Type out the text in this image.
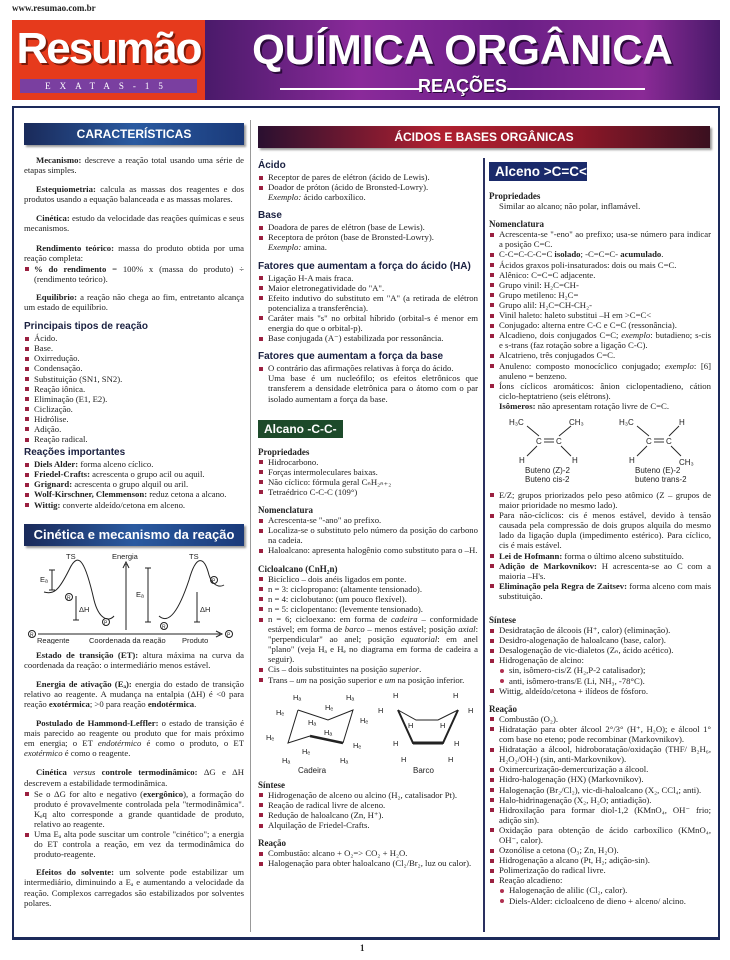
www.resumao.com.br
Resumão
EXATAS-15
QUÍMICA ORGÂNICA
REAÇÕES
ÁCIDOS E BASES ORGÂNICAS
CARACTERÍSTICAS
Mecanismo: descreve a reação total usando uma série de etapas simples.
Estequiometria: calcula as massas dos reagentes e dos produtos usando a equação balanceada e as massas molares.
Cinética: estudo da velocidade das reações químicas e seus mecanismos.
Rendimento teórico: massa do produto obtida por uma reação completa:
% do rendimento = 100% x (massa do produto) ÷ (rendimento teórico).
Equilíbrio: a reação não chega ao fim, entretanto alcança um estado de equilíbrio.
Principais tipos de reação
Ácido.
Base.
Oxirredução.
Condensação.
Substituição (SN1, SN2).
Reação iônica.
Eliminação (E1, E2).
Ciclização.
Hidrólise.
Adição.
Reação radical.
Reações importantes
Diels Alder: forma alceno cíclico.
Friedel-Crafts: acrescenta o grupo acil ou aquil.
Grignard: acrescenta o grupo alquil ou aril.
Wolf-Kirschner, Clemmenson: reduz cetona a alcano.
Wittig: converte aldeído/cetona em alceno.
Cinética e mecanismo da reação
TS	Energia	TS
Eₐ
Eₐ
ΔH	ΔH
R
P
R
P
R	P
Reagente	Coordenada da reação Produto
Estado de transição (ET): altura máxima na curva da coordenada da reação: o intermediário menos estável.
Energia de ativação (Eₐ): energia do estado de transição relativo ao reagente. A mudança na entalpia (ΔH) é <0 para reação exotérmica; >0 para reação endotérmica.
Postulado de Hammond-Leffler: o estado de transição é mais parecido ao reagente ou produto que for mais próximo em energia; o ET endotérmico é como o produto, o ET exotérmico é como o reagente.
Cinética versus controle termodinâmico: ΔG e ΔH descrevem a estabilidade termodinâmica.
Se o ΔG for alto e negativo (exergônico), a formação do produto é provavelmente controlada pela "termodinâmica". Kₑq alto corresponde a grande quantidade de produto, relativo ao reagente.
Uma Eₐ alta pode suscitar um controle "cinético"; a energia do ET controla a reação, em vez da termodinâmica do produto-reagente.
Efeitos do solvente: um solvente pode estabilizar um intermediário, diminuindo a Eₐ e aumentando a velocidade da reação. Complexos carregados são estabilizados por solventes polares.
Ácido
Receptor de pares de elétron (ácido de Lewis).
Doador de próton (ácido de Bronsted-Lowry).
Exemplo: ácido carboxílico.
Base
Doadora de pares de elétron (base de Lewis).
Receptora de próton (base de Bronsted-Lowry).
Exemplo: amina.
Fatores que aumentam a força do ácido (HA)
Ligação H-A mais fraca.
Maior eletronegatividade do "A".
Efeito indutivo do substituto em "A" (a retirada de elétron potencializa a transferência).
Caráter mais "s" no orbital híbrido (orbital-s é menor em energia do que o orbital-p).
Base conjugada (A⁻) estabilizada por ressonância.
Fatores que aumentam a força da base
O contrário das afirmações relativas à força do ácido.
Uma base é um nucleófilo; os efeitos eletrônicos que transferem a densidade eletrônica para o átomo com o par isolado aumentam a força da base.
Alcano -C-C-
Propriedades
Hidrocarbono.
Forças intermoleculares baixas.
Não cíclico: fórmula geral CₙH₂ₙ₊₂
Tetraédrico C-C-C (109°)
Nomenclatura
Acrescenta-se "-ano" ao prefixo.
Localiza-se o substituto pelo número da posição do carbono na cadeia.
Haloalcano: apresenta halogênio como substituto para o –H.
Cicloalcano (CnH₂n)
Bicíclico – dois anéis ligados em ponte.
n = 3: ciclopropano: (altamente tensionado).
n = 4: ciclobutano: (um pouco flexível).
n = 5: ciclopentano: (levemente tensionado).
n = 6; cicloexano: em forma de cadeira – conformidade estável; em forma de barco – menos estável; posição axial: "perpendicular" ao anel; posição equatorial: em anel "plano" (veja Hₐ e Hₑ no diagrama em forma de cadeira a seguir).
Cis – dois substituintes na posição superior.
Trans – um na posição superior e um na posição inferior.
Hₐ
Hₑ
Hₑ
Hₐ
Hₑ
Hₐ
Hₐ
Hₑ
Hₑ
Hₑ
Hₐ	Hₐ
Cadeira
H
H	H
H
H	H
H	H
H	H
Barco
Síntese
Hidrogenação de alceno ou alcino (H₂, catalisador Pt).
Reação de radical livre de alceno.
Redução de haloalcano (Zn, H⁺).
Alquilação de Friedel-Crafts.
Reação
Combustão: alcano + O₂=> CO₂ + H₂O.
Halogenação para obter haloalcano (Cl₂/Br₂, luz ou calor).
Alceno >C=C<
Propriedades
Similar ao alcano; não polar, inflamável.
Nomenclatura
Acrescenta-se "-eno" ao prefixo; usa-se número para indicar a posição C=C.
C-C=C-C-C=C isolado; -C=C=C- acumulado.
Ácidos graxos poli-insaturados: dois ou mais C=C.
Alênico: C=C=C adjacente.
Grupo vinil: H₂C=CH-
Grupo metileno: H₂C=
Grupo alil: H₂C=CH-CH₂-
Vinil haleto: haleto substitui –H em >C=C<
Conjugado: alterna entre C-C e C=C (ressonância).
Alcadieno, dois conjugados C=C; exemplo: butadieno; s-cis e s-trans (faz rotação sobre a ligação C-C).
Alcatrieno, três conjugados C=C.
Anuleno: composto monocíclico conjugado; exemplo: [6] anuleno = benzeno.
Íons cíclicos aromáticos: ânion ciclopentadieno, cátion ciclo-heptatrieno (seis elétrons).
Isômeros: não apresentam rotação livre de C=C.
H₃C	CH₃
C C
H	H
H₃C	H
C C
H	CH₃
Buteno (Z)-2
Buteno cis-2
Buteno (E)-2
buteno trans-2
E/Z; grupos priorizados pelo peso atômico (Z – grupos de maior prioridade no mesmo lado).
Para não-cíclicos: cis é menos estável, devido à tensão causada pela compressão de dois grupos alquila do mesmo lado da ligação dupla (impedimento estérico). Para cíclico, cis é mais estável.
Lei de Hofmann: forma o último alceno substituído.
Adição de Markovnikov: H acrescenta-se ao C com a maioria –H's.
Eliminação pela Regra de Zaitsev: forma alceno com mais substituição.
Síntese
Desidratação de álcoois (H⁺, calor) (eliminação).
Desidro-alogenação de haloalcano (base, calor).
Desalogenação de vic-dialetos (Zₙ, ácido acético).
Hidrogenação de alcino:
sin, isômero-cis/Z (H₂,P-2 catalisador);
anti, isômero-trans/E (Li, NH₃, -78°C).
Wittig, aldeído/cetona + ilídeos de fósforo.
Reação
Combustão (O₂).
Hidratação para obter álcool 2°/3° (H⁺, H₂O); e álcool 1° com base no eteno; pode recombinar (Markovnikov).
Hidratação a álcool, hidroboratação/oxidação (THF/ B₂H₆, H₂O₂/OH-) (sin, anti-Markovnikov).
Oximercurização-demercurização a álcool.
Hidro-halogenação (HX) (Markovnikov).
Halogenação (Br₂/Cl₂), vic-di-haloalcano (X₂, CCl₄; anti).
Halo-hidrinagenação (X₂, H₂O; antiadição).
Hidroxilação para formar diol-1,2 (KMnO₄, OH⁻ frio; adição sin).
Oxidação para obtenção de ácido carboxílico (KMnO₄, OH⁻, calor).
Ozonólise a cetona (O₃; Zn, H₂O).
Hidrogenação a alcano (Pt, H₂; adição-sin).
Polimerização do radical livre.
Reação alcadieno:
Halogenação de alilic (Cl₂, calor).
Diels-Alder: cicloalceno de dieno + alceno/ alcino.
1
